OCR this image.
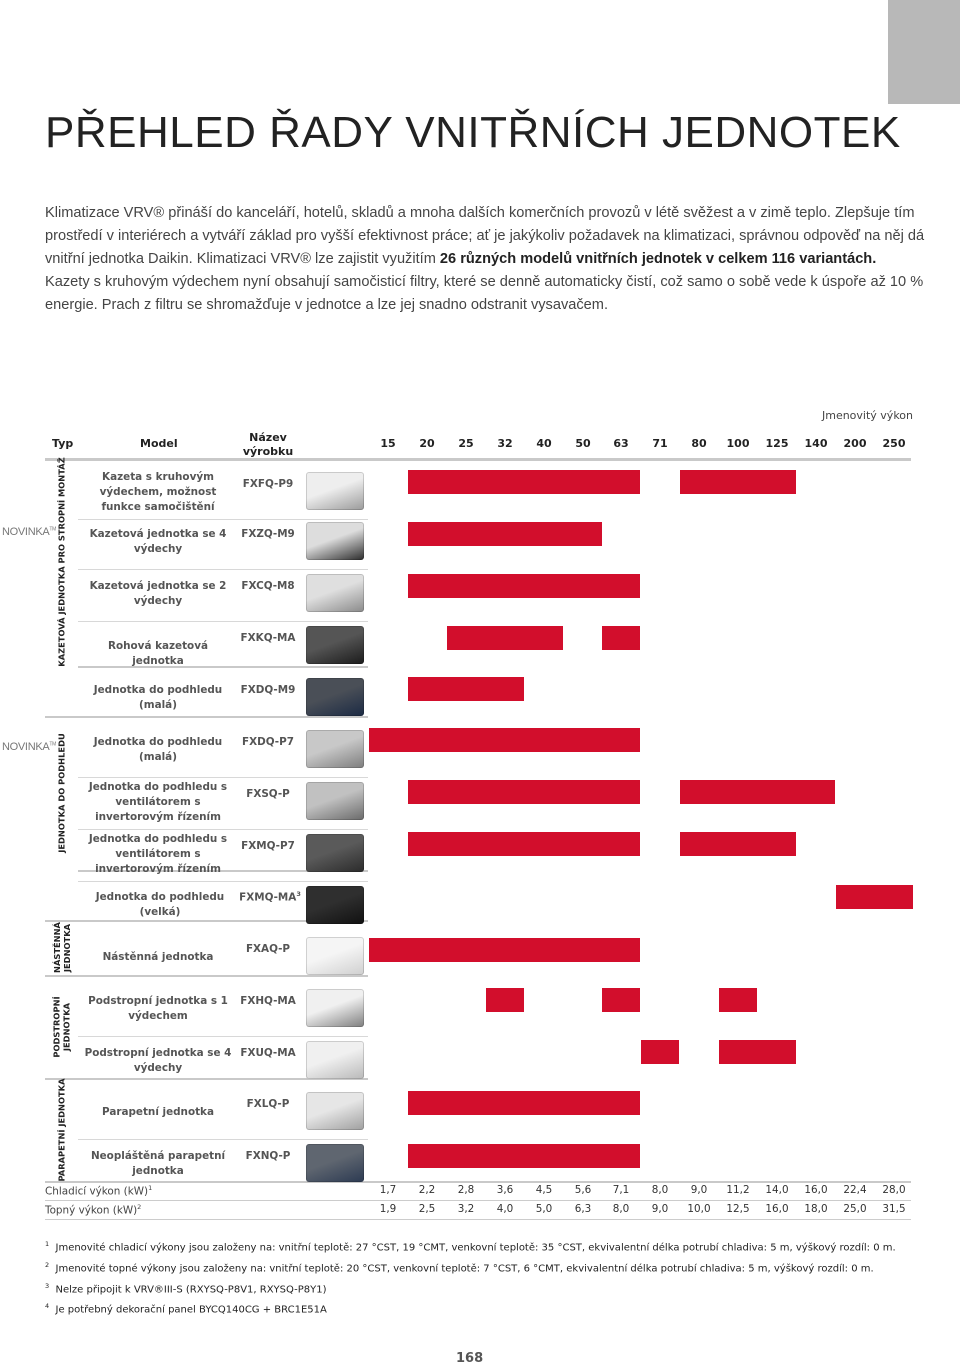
PŘEHLED ŘADY VNITŘNÍCH JEDNOTEK

Klimatizace VRV® přináší do kanceláří, hotelů, skladů a mnoha dalších komerčních provozů v létě svěžest a v zimě teplo. Zlepšuje tím prostředí v interiérech a vytváří základ pro vyšší efektivnost práce; ať je jakýkoliv požadavek na klimatizaci, správnou odpověď na něj dá vnitřní jednotka Daikin. Klimatizaci VRV® lze zajistit využitím 26 různých modelů vnitřních jednotek v celkem 116 variantách.

Kazety s kruhovým výdechem nyní obsahují samočisticí filtry, které se denně automaticky čistí, což samo o sobě vede k úspoře až 10 % energie. Prach z filtru se shromažďuje v jednotce a lze jej snadno odstranit vysavačem.

Jmenovitý výkon
Typ	Model	Název výrobku
15	20	25	32	40	50	63	71	80	100	125	140	200	250
KAZETOVÁ JEDNOTKA PRO STROPNÍ MONTÁŽ
JEDNOTKA DO PODHLEDU
NÁSTĚNNÁ JEDNOTKA
PODSTROPNÍ JEDNOTKA
PARAPETNÍ JEDNOTKA
NOVINKA™
NOVINKA™
Kazeta s kruhovým výdechem, možnost funkce samočištění
FXFQ-P9
Kazetová jednotka se 4 výdechy
FXZQ-M9
Kazetová jednotka se 2 výdechy
FXCQ-M8
Rohová kazetová jednotka
FXKQ-MA
Jednotka do podhledu (malá)
FXDQ-M9
Jednotka do podhledu (malá)
FXDQ-P7
Jednotka do podhledu s ventilátorem s invertorovým řízením
FXSQ-P
Jednotka do podhledu s ventilátorem s invertorovým řízením
FXMQ-P7
Jednotka do podhledu (velká)
FXMQ-$MA^3$
Nástěnná jednotka
FXAQ-P
Podstropní jednotka s 1 výdechem
FXHQ-MA
Podstropní jednotka se 4 výdechy
FXUQ-MA
Parapetní jednotka
FXLQ-P
Neopláštěná parapetní jednotka
FXNQ-P
Chladicí výkon (kW)$^1$
Topný výkon (kW)$^2$
1,7	2,2	2,8	3,6	4,5	5,6	7,1	8,0	9,0	11,2	14,0	16,0	22,4	28,0
1,9	2,5	3,2	4,0	5,0	6,3	8,0	9,0	10,0	12,5	16,0	18,0	25,0	31,5
$^1$ Jmenovité chladicí výkony jsou založeny na: vnitřní teplotě: 27 °CST, 19 °CMT, venkovní teplotě: 35 °CST, ekvivalentní délka potrubí chladiva: 5 m, výškový rozdíl: 0 m.
$^2$ Jmenovité topné výkony jsou založeny na: vnitřní teplotě: 20 °CST, venkovní teplotě: 7 °CST, 6 °CMT, ekvivalentní délka potrubí chladiva: 5 m, výškový rozdíl: 0 m.
$^3$ Nelze připojit k VRV®III-S (RXYSQ-P8V1, RXYSQ-P8Y1)
$^4$ Je potřebný dekorační panel BYCQ140CG + BRC1E51A
168
